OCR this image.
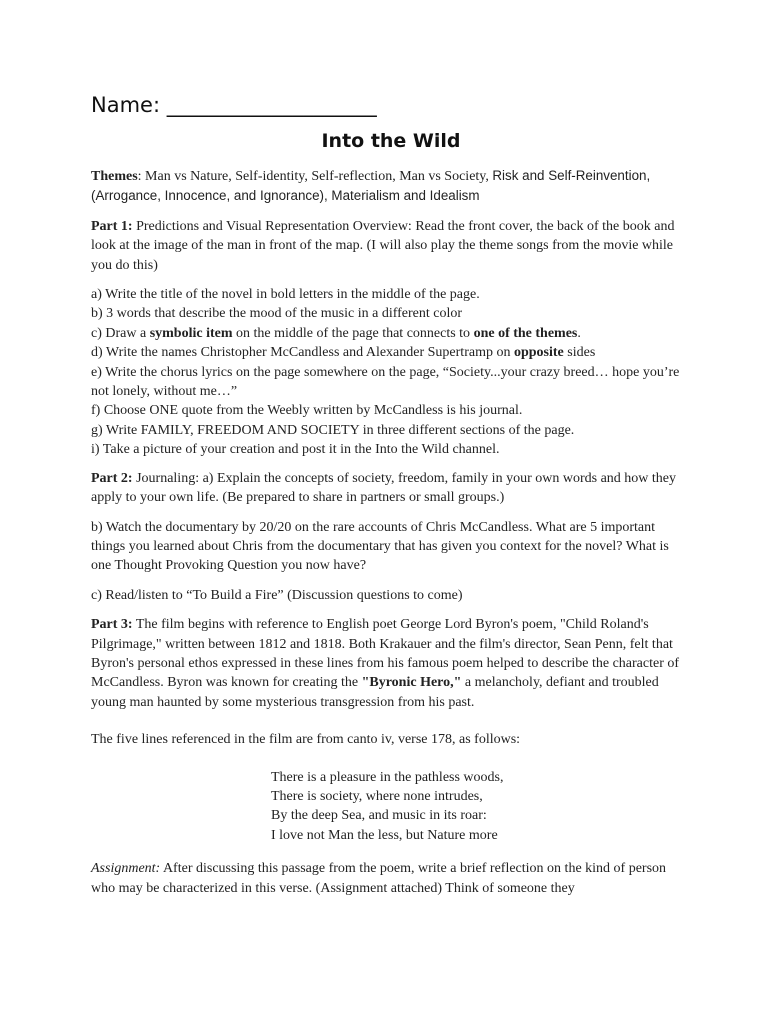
Name: ____________________
Into the Wild

Themes: Man vs Nature, Self-identity, Self-reflection, Man vs Society, Risk and Self-Reinvention, (Arrogance, Innocence, and Ignorance), Materialism and Idealism

Part 1: Predictions and Visual Representation Overview: Read the front cover, the back of the book and look at the image of the man in front of the map. (I will also play the theme songs from the movie while you do this)

a) Write the title of the novel in bold letters in the middle of the page.
b) 3 words that describe the mood of the music in a different color
c) Draw a symbolic item on the middle of the page that connects to one of the themes.
d) Write the names Christopher McCandless and Alexander Supertramp on opposite sides
e) Write the chorus lyrics on the page somewhere on the page, “Society...your crazy breed… hope you’re not lonely, without me…”
f) Choose ONE quote from the Weebly written by McCandless is his journal.
g) Write FAMILY, FREEDOM AND SOCIETY in three different sections of the page.
i) Take a picture of your creation and post it in the Into the Wild channel.

Part 2: Journaling: a) Explain the concepts of society, freedom, family in your own words and how they apply to your own life. (Be prepared to share in partners or small groups.)

b) Watch the documentary by 20/20 on the rare accounts of Chris McCandless. What are 5 important things you learned about Chris from the documentary that has given you context for the novel? What is one Thought Provoking Question you now have?

c) Read/listen to “To Build a Fire” (Discussion questions to come)

Part 3: The film begins with reference to English poet George Lord Byron's poem, "Child Roland's Pilgrimage," written between 1812 and 1818. Both Krakauer and the film's director, Sean Penn, felt that Byron's personal ethos expressed in these lines from his famous poem helped to describe the character of McCandless. Byron was known for creating the "Byronic Hero," a melancholy, defiant and troubled young man haunted by some mysterious transgression from his past.

The five lines referenced in the film are from canto iv, verse 178, as follows:

There is a pleasure in the pathless woods,
There is society, where none intrudes,
By the deep Sea, and music in its roar:
I love not Man the less, but Nature more

Assignment: After discussing this passage from the poem, write a brief reflection on the kind of person who may be characterized in this verse. (Assignment attached) Think of someone they
